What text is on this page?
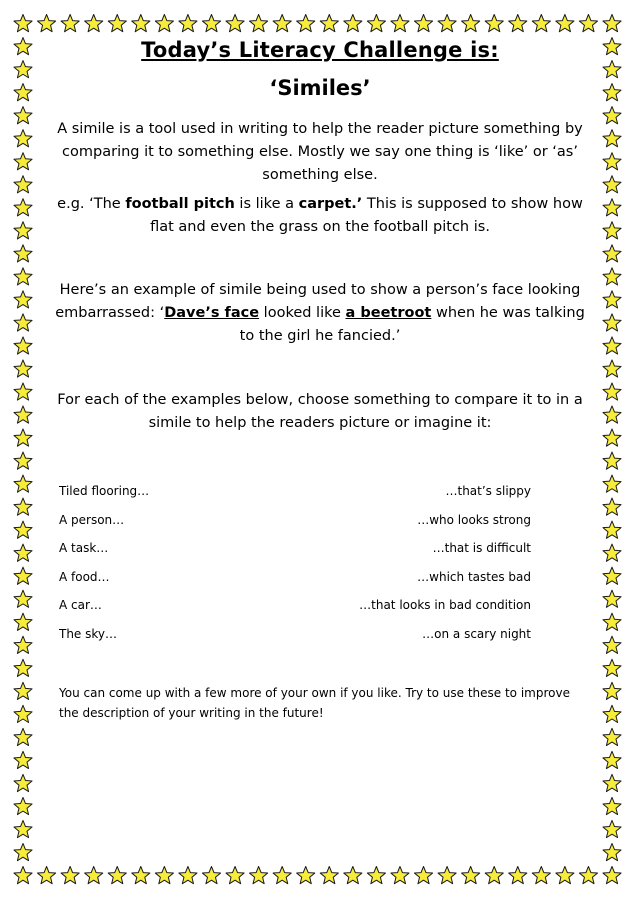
Today’s Literacy Challenge is:
‘Similes’

A simile is a tool used in writing to help the reader picture something by comparing it to something else. Mostly we say one thing is ‘like’ or ‘as’ something else.

e.g. ‘The football pitch is like a carpet.’ This is supposed to show how flat and even the grass on the football pitch is.

Here’s an example of simile being used to show a person’s face looking embarrassed: ‘Dave’s face looked like a beetroot when he was talking to the girl he fancied.’

For each of the examples below, choose something to compare it to in a simile to help the readers picture or imagine it:

Tiled flooring…	…that’s slippy
A person…	…who looks strong
A task…	…that is difficult
A food…	…which tastes bad
A car…	…that looks in bad condition
The sky…	…on a scary night

You can come up with a few more of your own if you like. Try to use these to improve the description of your writing in the future!
